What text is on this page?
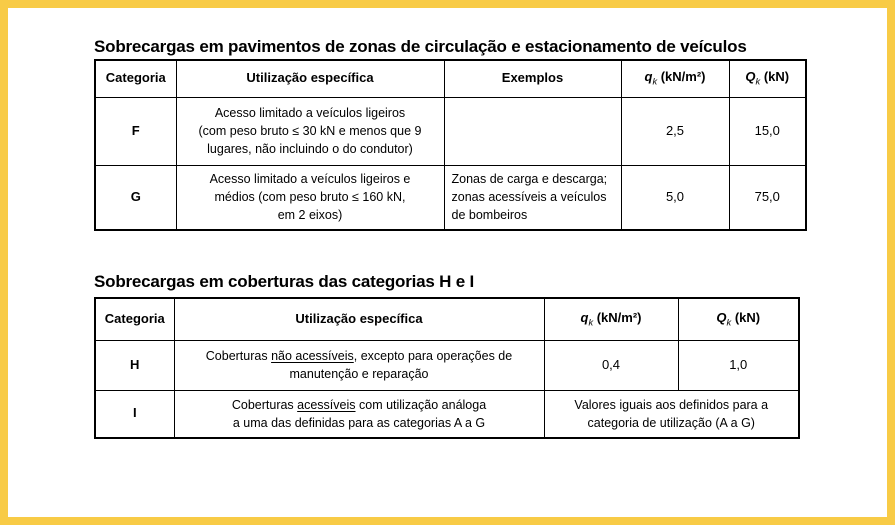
Sobrecargas em pavimentos de zonas de circulação e estacionamento de veículos
Categoria	Utilização específica	Exemplos	$q_k$ (kN/m²)	$Q_k$ (kN)
F	Acesso limitado a veículos ligeiros
(com peso bruto ≤ 30 kN e menos que 9
lugares, não incluindo o do condutor)		2,5	15,0
G	Acesso limitado a veículos ligeiros e
médios (com peso bruto ≤ 160 kN,
em 2 eixos)	Zonas de carga e descarga;
zonas acessíveis a veículos
de bombeiros	5,0	75,0
Sobrecargas em coberturas das categorias H e I
Categoria	Utilização específica	$q_k$ (kN/m²)	$Q_k$ (kN)
H	Coberturas não acessíveis, excepto para operações de
manutenção e reparação	0,4	1,0
I	Coberturas acessíveis com utilização análoga
a uma das definidas para as categorias A a G	Valores iguais aos definidos para a
categoria de utilização (A a G)	
